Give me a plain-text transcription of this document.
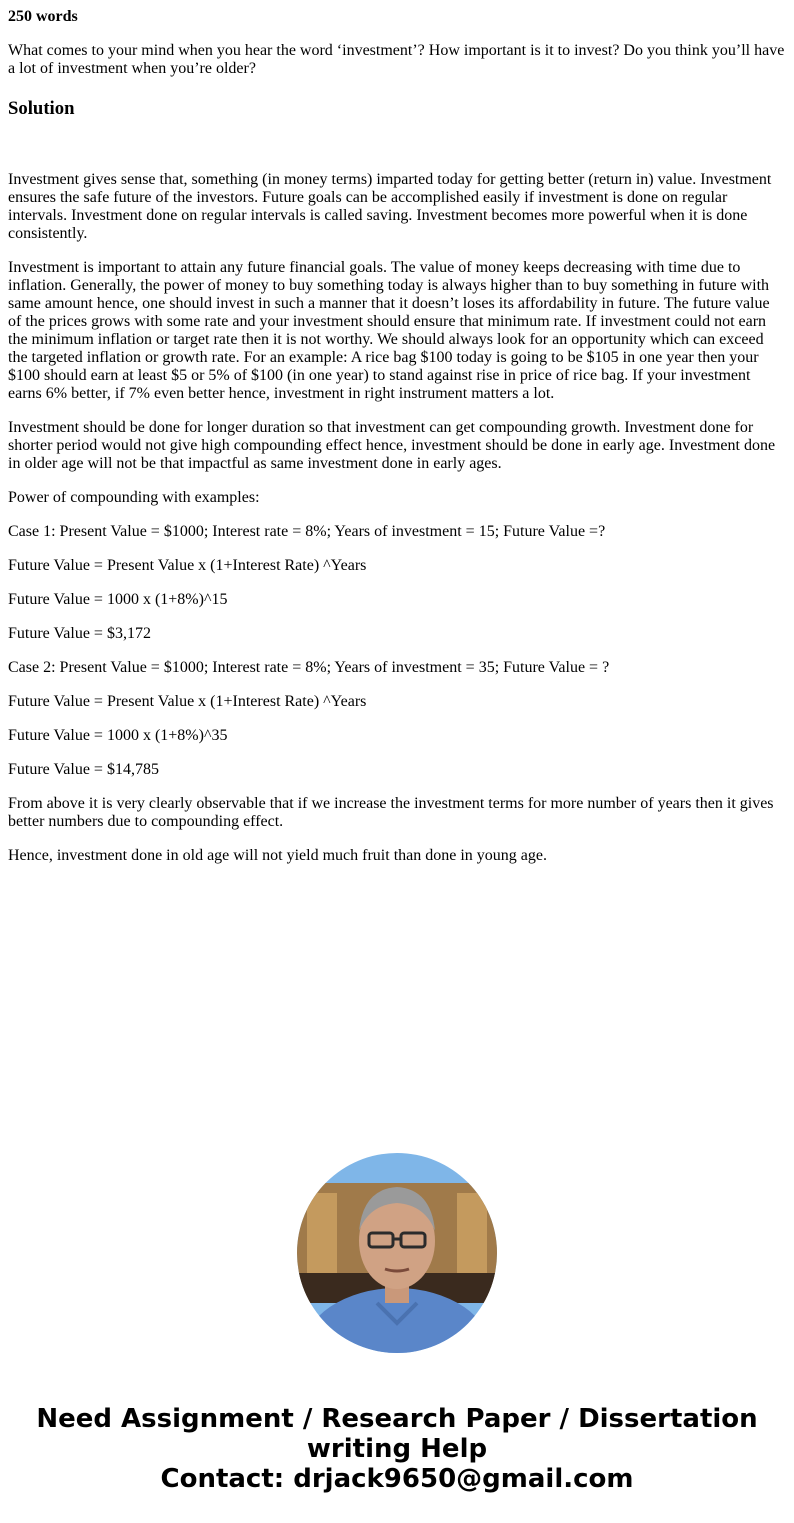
250 words

What comes to your mind when you hear the word ‘investment’? How important is it to invest? Do you think you’ll have a lot of investment when you’re older?

Solution

Investment gives sense that, something (in money terms) imparted today for getting better (return in) value. Investment ensures the safe future of the investors. Future goals can be accomplished easily if investment is done on regular intervals. Investment done on regular intervals is called saving. Investment becomes more powerful when it is done consistently.

Investment is important to attain any future financial goals. The value of money keeps decreasing with time due to inflation. Generally, the power of money to buy something today is always higher than to buy something in future with same amount hence, one should invest in such a manner that it doesn’t loses its affordability in future. The future value of the prices grows with some rate and your investment should ensure that minimum rate. If investment could not earn the minimum inflation or target rate then it is not worthy. We should always look for an opportunity which can exceed the targeted inflation or growth rate. For an example: A rice bag $100 today is going to be $105 in one year then your $100 should earn at least $5 or 5% of $100 (in one year) to stand against rise in price of rice bag. If your investment earns 6% better, if 7% even better hence, investment in right instrument matters a lot.

Investment should be done for longer duration so that investment can get compounding growth. Investment done for shorter period would not give high compounding effect hence, investment should be done in early age. Investment done in older age will not be that impactful as same investment done in early ages.

Power of compounding with examples:

Case 1: Present Value = $1000; Interest rate = 8%; Years of investment = 15; Future Value =?

Future Value = Present Value x (1+Interest Rate) ^Years

Future Value = 1000 x (1+8%)^15

Future Value = $3,172

Case 2: Present Value = $1000; Interest rate = 8%; Years of investment = 35; Future Value = ?

Future Value = Present Value x (1+Interest Rate) ^Years

Future Value = 1000 x (1+8%)^35

Future Value = $14,785

From above it is very clearly observable that if we increase the investment terms for more number of years then it gives better numbers due to compounding effect.

Hence, investment done in old age will not yield much fruit than done in young age.

Need Assignment / Research Paper / Dissertation
writing Help
Contact: drjack9650@gmail.com
